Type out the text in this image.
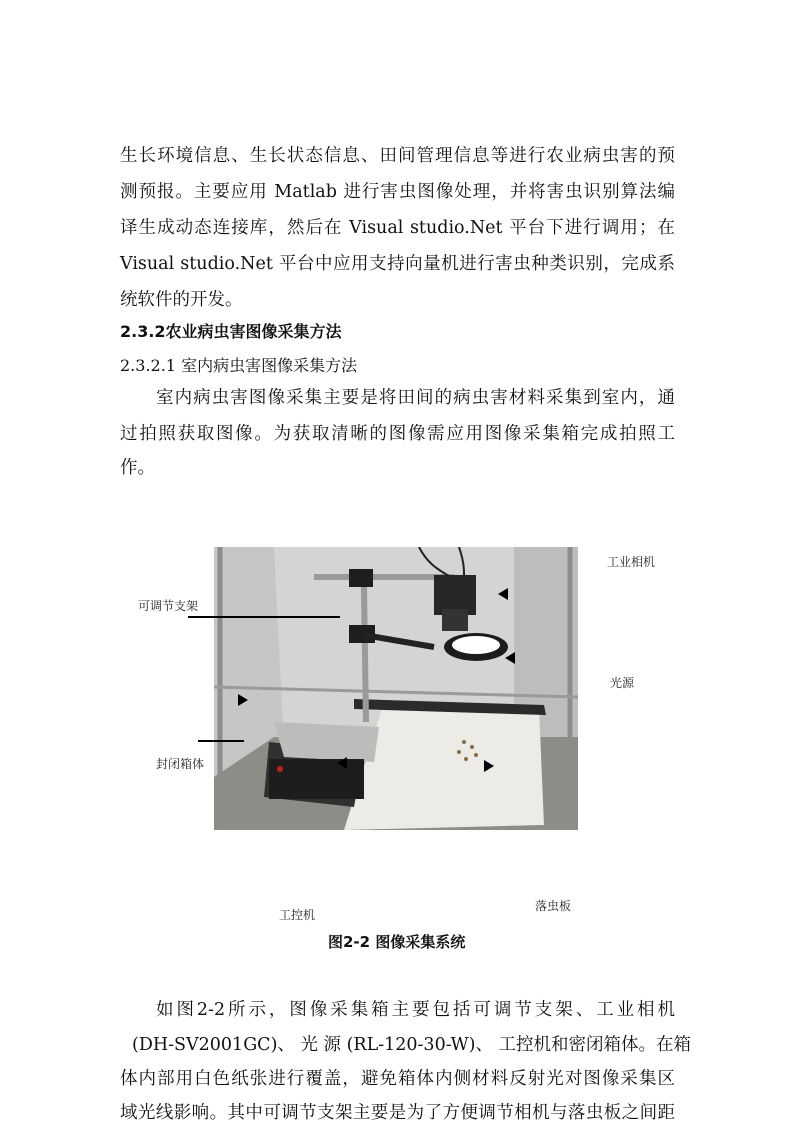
生长环境信息、生长状态信息、田间管理信息等进行农业病虫害的预
测预报。主要应用 Matlab 进行害虫图像处理，并将害虫识别算法编
译生成动态连接库，然后在 Visual studio.Net 平台下进行调用；在
Visual studio.Net 平台中应用支持向量机进行害虫种类识别，完成系
统软件的开发。
2.3.2农业病虫害图像采集方法
2.3.2.1 室内病虫害图像采集方法
室内病虫害图像采集主要是将田间的病虫害材料采集到室内，通
过拍照获取图像。为获取清晰的图像需应用图像采集箱完成拍照工
作。
工业相机
可调节支架
光源
封闭箱体
落虫板
工控机
图2-2 图像采集系统
如图2-2所示，图像采集箱主要包括可调节支架、工业相机
(DH-SV2001GC)、 光 源 (RL-120-30-W)、 工控机和密闭箱体。在箱
体内部用白色纸张进行覆盖，避免箱体内侧材料反射光对图像采集区
域光线影响。其中可调节支架主要是为了方便调节相机与落虫板之间距
